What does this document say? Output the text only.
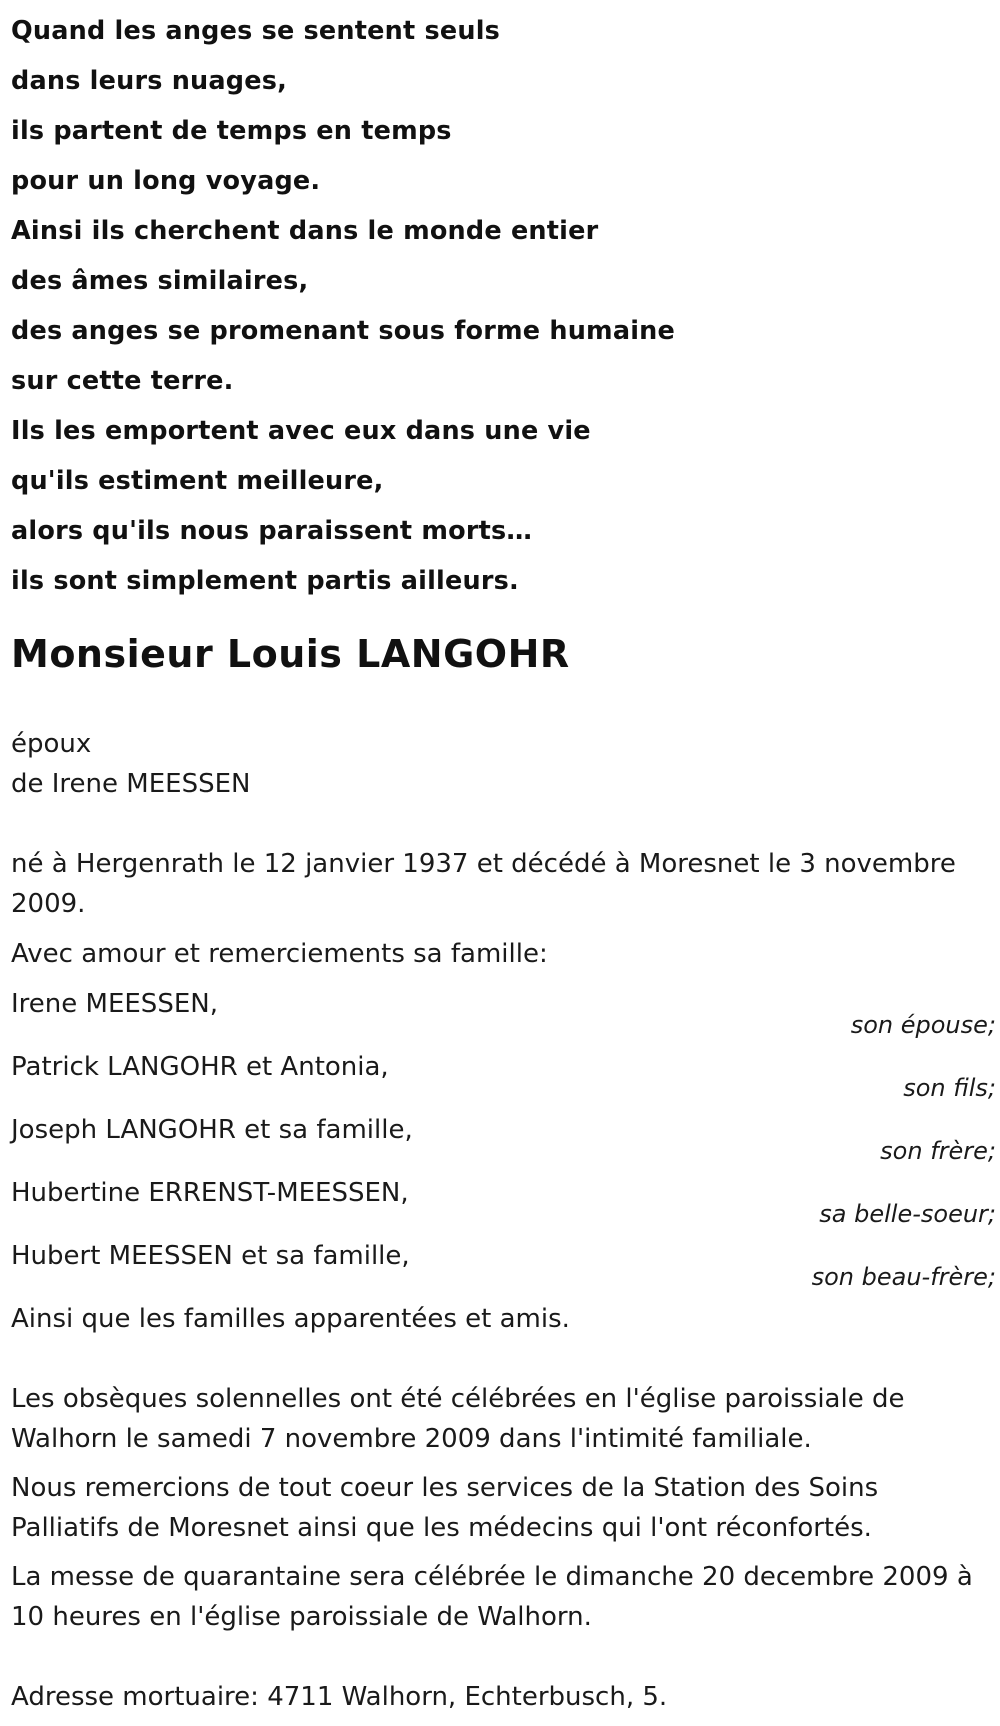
Quand les anges se sentent seuls
dans leurs nuages,
ils partent de temps en temps
pour un long voyage.
Ainsi ils cherchent dans le monde entier
des âmes similaires,
des anges se promenant sous forme humaine
sur cette terre.
Ils les emportent avec eux dans une vie
qu'ils estiment meilleure,
alors qu'ils nous paraissent morts…
ils sont simplement partis ailleurs.
Monsieur Louis LANGOHR
époux
de Irene MEESSEN
né à Hergenrath le 12 janvier 1937 et décédé à Moresnet le 3 novembre
2009.
Avec amour et remerciements sa famille:
Irene MEESSEN,
son épouse;
Patrick LANGOHR et Antonia,
son fils;
Joseph LANGOHR et sa famille,
son frère;
Hubertine ERRENST-MEESSEN,
sa belle-soeur;
Hubert MEESSEN et sa famille,
son beau-frère;
Ainsi que les familles apparentées et amis.
Les obsèques solennelles ont été célébrées en l'église paroissiale de
Walhorn le samedi 7 novembre 2009 dans l'intimité familiale.
Nous remercions de tout coeur les services de la Station des Soins
Palliatifs de Moresnet ainsi que les médecins qui l'ont réconfortés.
La messe de quarantaine sera célébrée le dimanche 20 decembre 2009 à
10 heures en l'église paroissiale de Walhorn.
Adresse mortuaire: 4711 Walhorn, Echterbusch, 5.
